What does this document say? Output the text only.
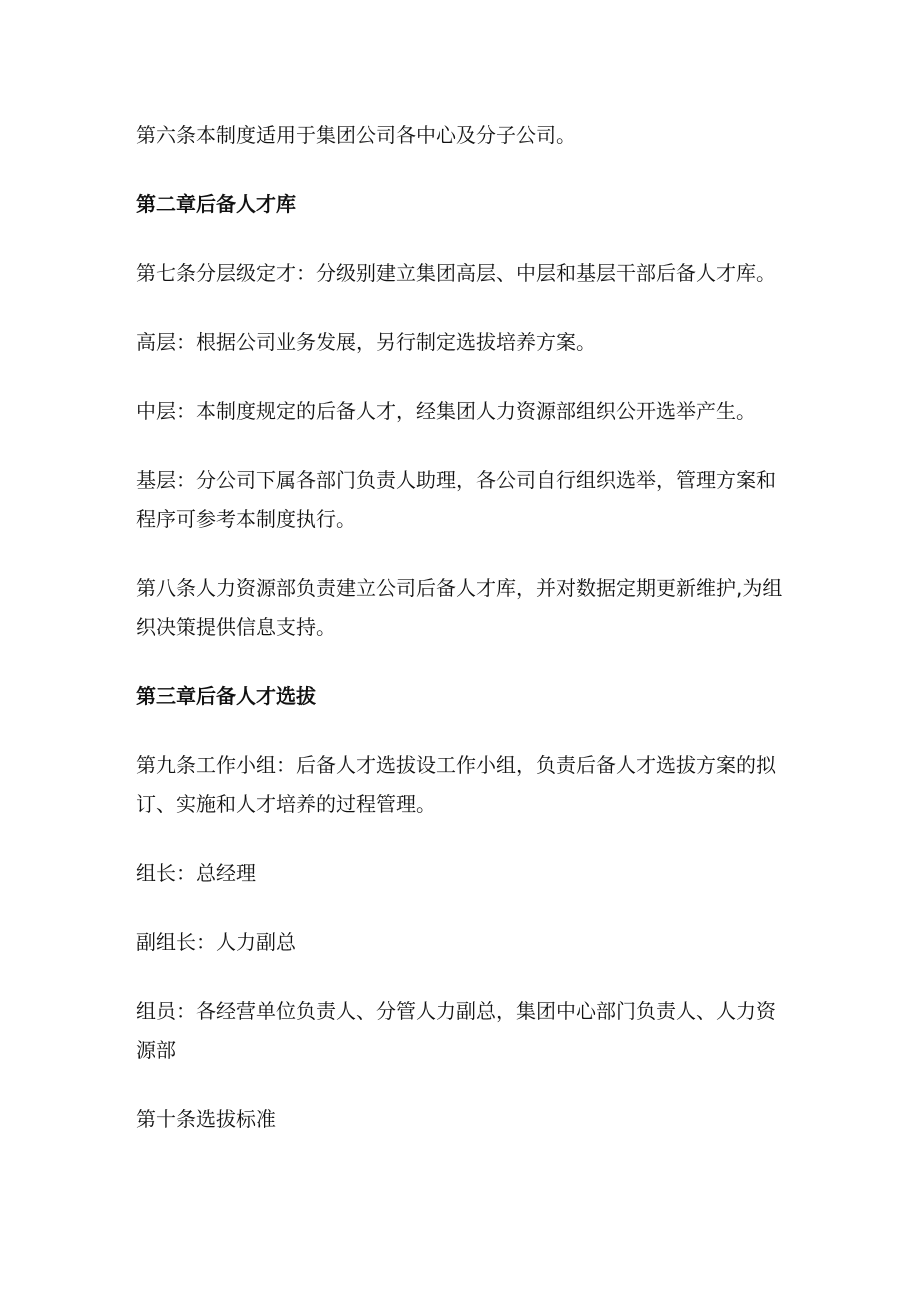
第六条本制度适用于集团公司各中心及分子公司。

第二章后备人才库

第七条分层级定才：分级别建立集团高层、中层和基层干部后备人才库。

高层：根据公司业务发展，另行制定选拔培养方案。

中层：本制度规定的后备人才，经集团人力资源部组织公开选举产生。

基层：分公司下属各部门负责人助理，各公司自行组织选举，管理方案和
程序可参考本制度执行。

第八条人力资源部负责建立公司后备人才库，并对数据定期更新维护,为组
织决策提供信息支持。

第三章后备人才选拔

第九条工作小组：后备人才选拔设工作小组，负责后备人才选拔方案的拟
订、实施和人才培养的过程管理。

组长：总经理

副组长：人力副总

组员：各经营单位负责人、分管人力副总，集团中心部门负责人、人力资
源部

第十条选拔标准
